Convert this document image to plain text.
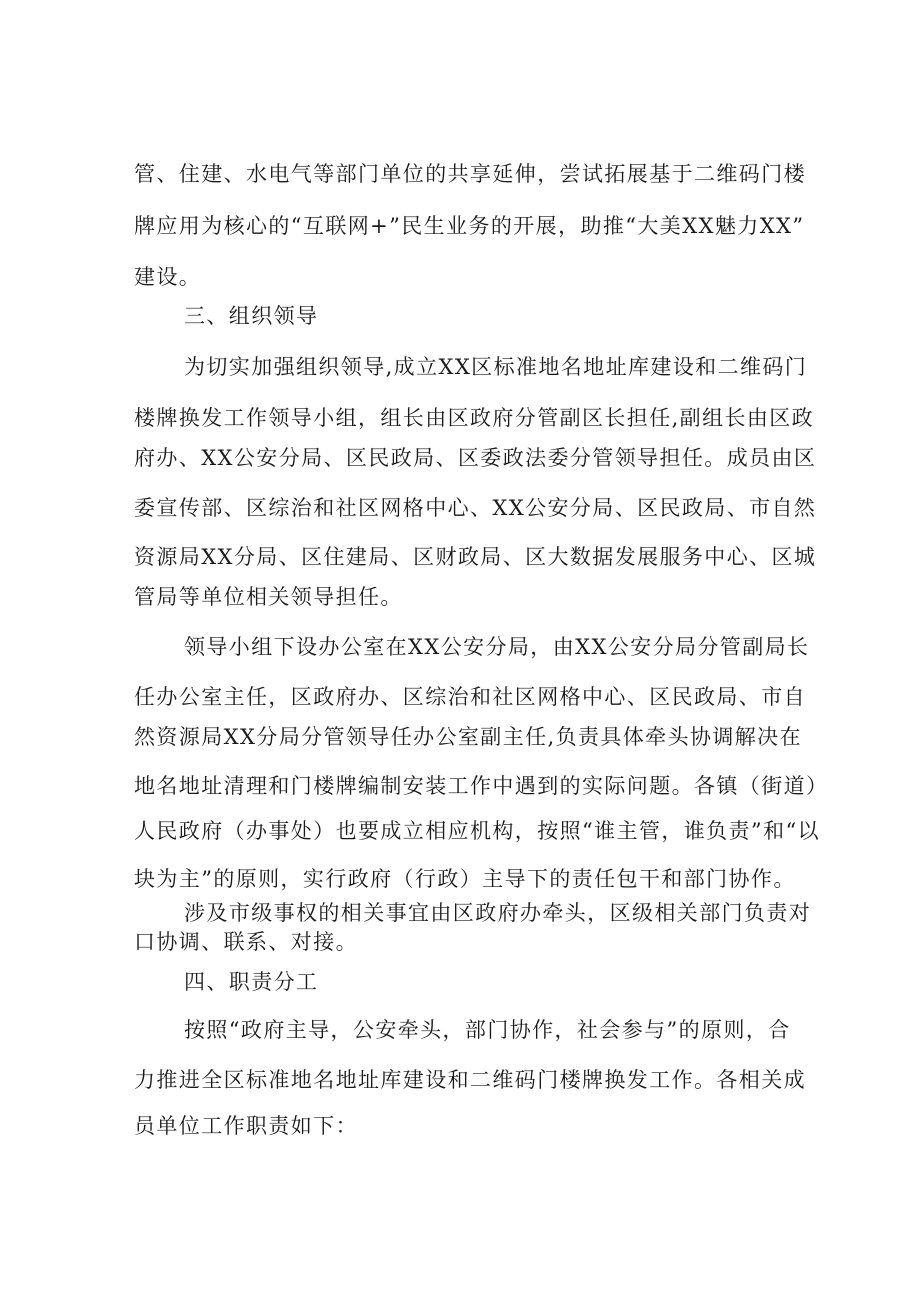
管、住建、水电气等部门单位的共享延伸，尝试拓展基于二维码门楼
牌应用为核心的“互联网+”民生业务的开展，助推“大美XX魅力XX”
建设。
三、组织领导
为切实加强组织领导,成立XX区标准地名地址库建设和二维码门
楼牌换发工作领导小组，组长由区政府分管副区长担任,副组长由区政
府办、XX公安分局、区民政局、区委政法委分管领导担任。成员由区
委宣传部、区综治和社区网格中心、XX公安分局、区民政局、市自然
资源局XX分局、区住建局、区财政局、区大数据发展服务中心、区城
管局等单位相关领导担任。
领导小组下设办公室在XX公安分局，由XX公安分局分管副局长
任办公室主任，区政府办、区综治和社区网格中心、区民政局、市自
然资源局XX分局分管领导任办公室副主任,负责具体牵头协调解决在
地名地址清理和门楼牌编制安装工作中遇到的实际问题。各镇（街道）
人民政府（办事处）也要成立相应机构，按照“谁主管，谁负责”和“以
块为主”的原则，实行政府（行政）主导下的责任包干和部门协作。
涉及市级事权的相关事宜由区政府办牵头，区级相关部门负责对
口协调、联系、对接。
四、职责分工
按照“政府主导，公安牵头，部门协作，社会参与”的原则，合
力推进全区标准地名地址库建设和二维码门楼牌换发工作。各相关成
员单位工作职责如下：
